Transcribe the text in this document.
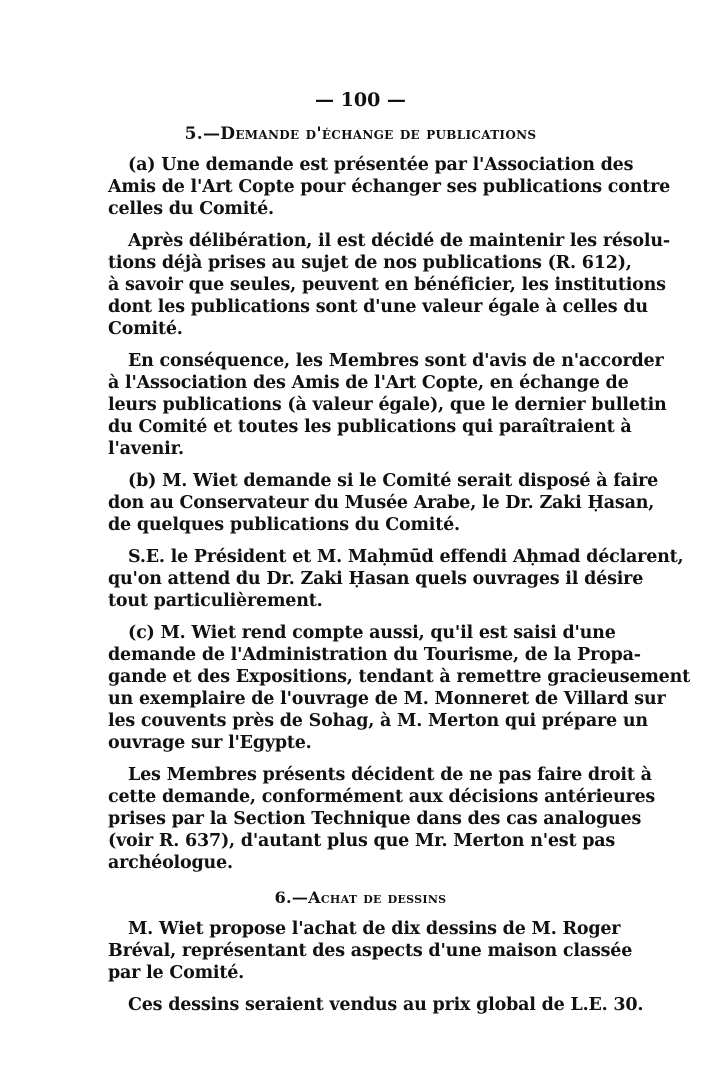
— 100 —
5.—Demande d'échange de publications
(a) Une demande est présentée par l'Association des
Amis de l'Art Copte pour échanger ses publications contre
celles du Comité.
Après délibération, il est décidé de maintenir les résolu-
tions déjà prises au sujet de nos publications (R. 612),
à savoir que seules, peuvent en bénéficier, les institutions
dont les publications sont d'une valeur égale à celles du
Comité.
En conséquence, les Membres sont d'avis de n'accorder
à l'Association des Amis de l'Art Copte, en échange de
leurs publications (à valeur égale), que le dernier bulletin
du Comité et toutes les publications qui paraîtraient à
l'avenir.
(b) M. Wiet demande si le Comité serait disposé à faire
don au Conservateur du Musée Arabe, le Dr. Zaki Ḥasan,
de quelques publications du Comité.
S.E. le Président et M. Maḥmūd effendi Aḥmad déclarent,
qu'on attend du Dr. Zaki Ḥasan quels ouvrages il désire
tout particulièrement.
(c) M. Wiet rend compte aussi, qu'il est saisi d'une
demande de l'Administration du Tourisme, de la Propa-
gande et des Expositions, tendant à remettre gracieusement
un exemplaire de l'ouvrage de M. Monneret de Villard sur
les couvents près de Sohag, à M. Merton qui prépare un
ouvrage sur l'Egypte.
Les Membres présents décident de ne pas faire droit à
cette demande, conformément aux décisions antérieures
prises par la Section Technique dans des cas analogues
(voir R. 637), d'autant plus que Mr. Merton n'est pas
archéologue.
6.—Achat de dessins
M. Wiet propose l'achat de dix dessins de M. Roger
Bréval, représentant des aspects d'une maison classée
par le Comité.
Ces dessins seraient vendus au prix global de L.E. 30.
